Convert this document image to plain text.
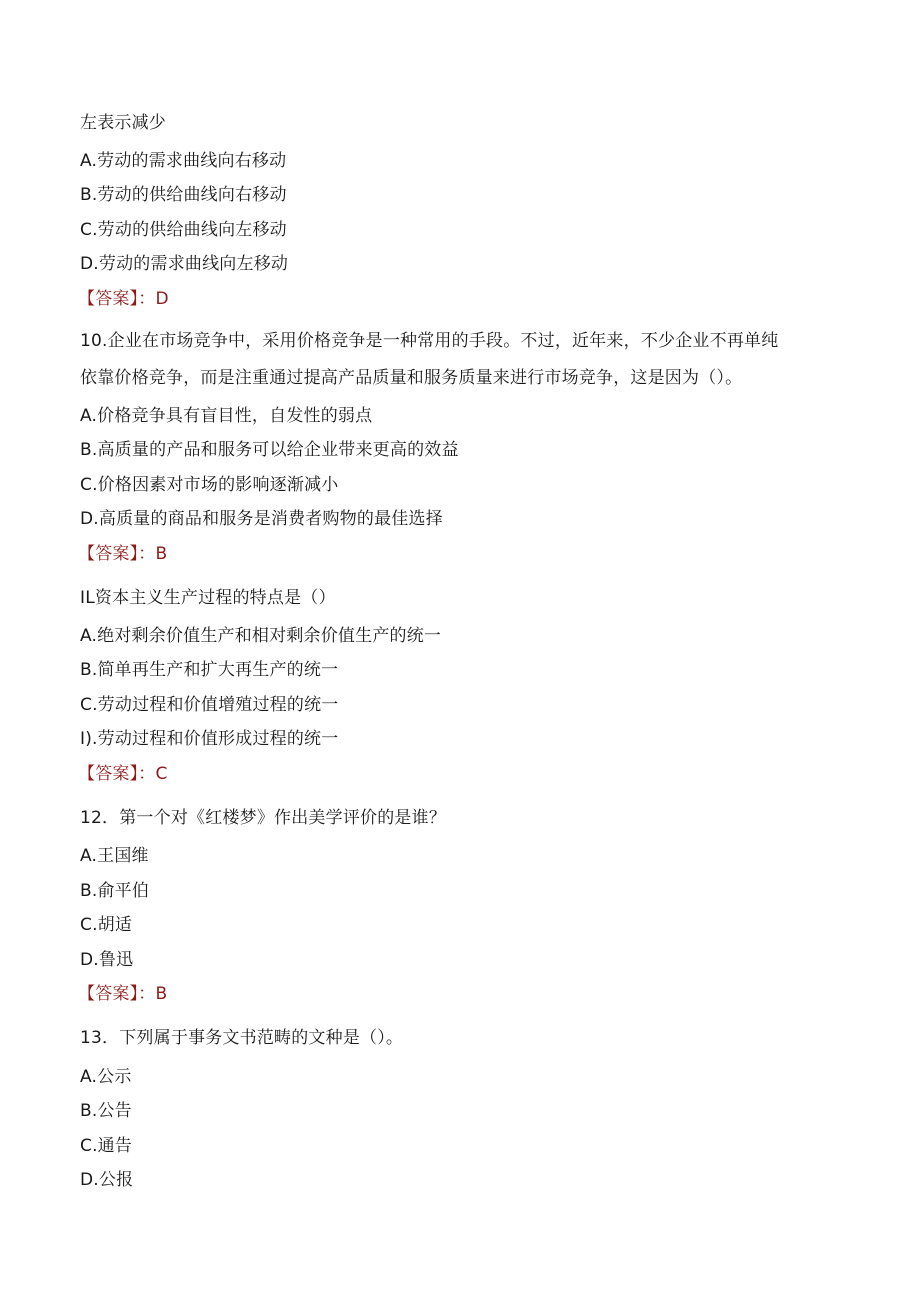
左表示减少
A.劳动的需求曲线向右移动
B.劳动的供给曲线向右移动
C.劳动的供给曲线向左移动
D.劳动的需求曲线向左移动
【答案】：D
10.企业在市场竞争中，采用价格竞争是一种常用的手段。不过，近年来，不少企业不再单纯
依靠价格竞争，而是注重通过提高产品质量和服务质量来进行市场竞争，这是因为（）。
A.价格竞争具有盲目性，自发性的弱点
B.高质量的产品和服务可以给企业带来更高的效益
C.价格因素对市场的影响逐渐减小
D.高质量的商品和服务是消费者购物的最佳选择
【答案】：B
IL资本主义生产过程的特点是（）
A.绝对剩余价值生产和相对剩余价值生产的统一
B.简单再生产和扩大再生产的统一
C.劳动过程和价值增殖过程的统一
I).劳动过程和价值形成过程的统一
【答案】：C
12．第一个对《红楼梦》作出美学评价的是谁？
A.王国维
B.俞平伯
C.胡适
D.鲁迅
【答案】：B
13．下列属于事务文书范畴的文种是（）。
A.公示
B.公告
C.通告
D.公报
